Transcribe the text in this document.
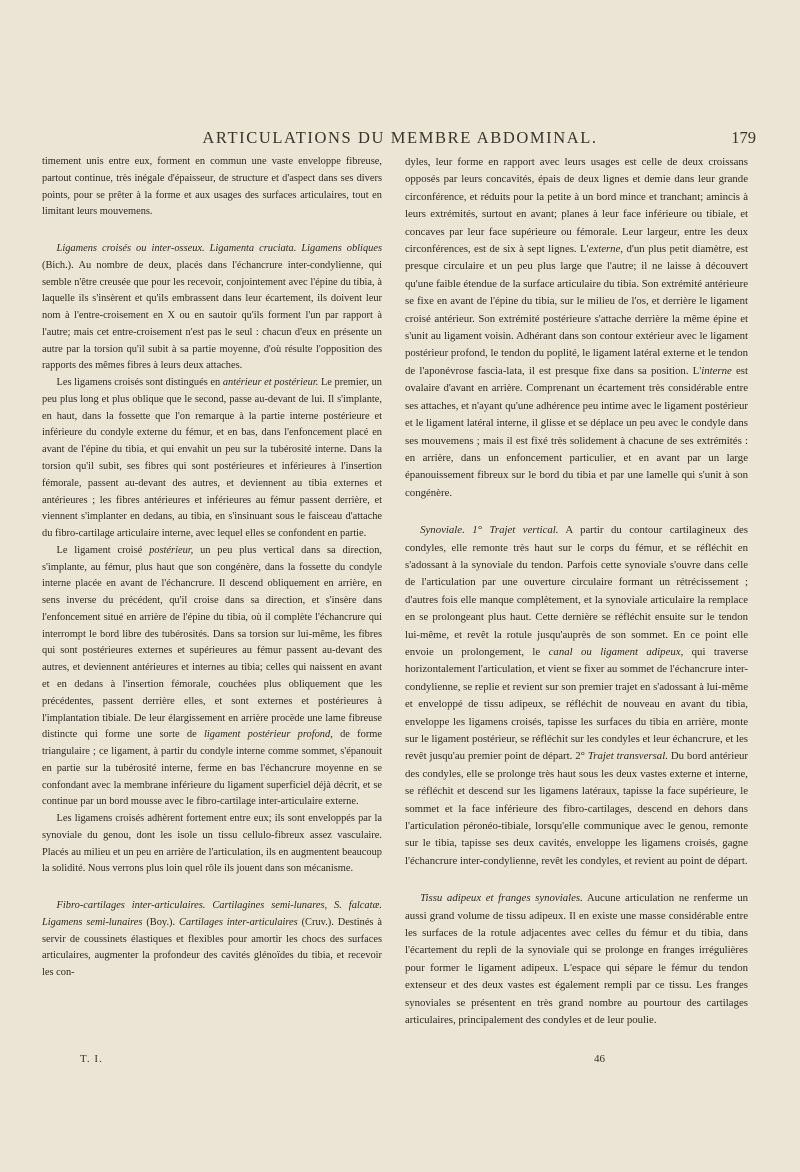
ARTICULATIONS DU MEMBRE ABDOMINAL.	179

timement unis entre eux, forment en commun une vaste enveloppe fibreuse, partout continue, très inégale d'épaisseur, de structure et d'aspect dans ses divers points, pour se prêter à la forme et aux usages des surfaces articulaires, tout en limitant leurs mouvemens.

Ligamens croisés ou inter-osseux. Ligamenta cruciata. Ligamens obliques (Bich.). Au nombre de deux, placés dans l'échancrure inter-condylienne, qui semble n'être creusée que pour les recevoir, conjointement avec l'épine du tibia, à laquelle ils s'insèrent et qu'ils embrassent dans leur écartement, ils doivent leur nom à l'entre-croisement en X ou en sautoir qu'ils forment l'un par rapport à l'autre; mais cet entre-croisement n'est pas le seul : chacun d'eux en présente un autre par la torsion qu'il subit à sa partie moyenne, d'où résulte l'opposition des rapports des mêmes fibres à leurs deux attaches.

Les ligamens croisés sont distingués en antérieur et postérieur. Le premier, un peu plus long et plus oblique que le second, passe au-devant de lui. Il s'implante, en haut, dans la fossette que l'on remarque à la partie interne postérieure et inférieure du condyle externe du fémur, et en bas, dans l'enfoncement placé en avant de l'épine du tibia, et qui envahit un peu sur la tubérosité interne. Dans la torsion qu'il subit, ses fibres qui sont postérieures et inférieures à l'insertion fémorale, passent au-devant des autres, et deviennent au tibia externes et antérieures ; les fibres antérieures et inférieures au fémur passent derrière, et viennent s'implanter en dedans, au tibia, en s'insinuant sous le faisceau d'attache du fibro-cartilage articulaire interne, avec lequel elles se confondent en partie.

Le ligament croisé postérieur, un peu plus vertical dans sa direction, s'implante, au fémur, plus haut que son congénère, dans la fossette du condyle interne placée en avant de l'échancrure. Il descend obliquement en arrière, en sens inverse du précédent, qu'il croise dans sa direction, et s'insère dans l'enfoncement situé en arrière de l'épine du tibia, où il complète l'échancrure qui interrompt le bord libre des tubérosités. Dans sa torsion sur lui-même, les fibres qui sont postérieures externes et supérieures au fémur passent au-devant des autres, et deviennent antérieures et internes au tibia; celles qui naissent en avant et en dedans à l'insertion fémorale, couchées plus obliquement que les précédentes, passent derrière elles, et sont externes et postérieures à l'implantation tibiale. De leur élargissement en arrière procède une lame fibreuse distincte qui forme une sorte de ligament postérieur profond, de forme triangulaire ; ce ligament, à partir du condyle interne comme sommet, s'épanouit en partie sur la tubérosité interne, ferme en bas l'échancrure moyenne en se confondant avec la membrane inférieure du ligament superficiel déjà décrit, et se continue par un bord mousse avec le fibro-cartilage inter-articulaire externe.

Les ligamens croisés adhèrent fortement entre eux; ils sont enveloppés par la synoviale du genou, dont les isole un tissu cellulo-fibreux assez vasculaire. Placés au milieu et un peu en arrière de l'articulation, ils en augmentent beaucoup la solidité. Nous verrons plus loin quel rôle ils jouent dans son mécanisme.

Fibro-cartilages inter-articulaires. Cartilagines semi-lunares, S. falcatæ. Ligamens semi-lunaires (Boy.). Cartilages inter-articulaires (Cruv.). Destinés à servir de coussinets élastiques et flexibles pour amortir les chocs des surfaces articulaires, augmenter la profondeur des cavités glénoïdes du tibia, et recevoir les con-

dyles, leur forme en rapport avec leurs usages est celle de deux croissans opposés par leurs concavités, épais de deux lignes et demie dans leur grande circonférence, et réduits pour la petite à un bord mince et tranchant; amincis à leurs extrémités, surtout en avant; planes à leur face inférieure ou tibiale, et concaves par leur face supérieure ou fémorale. Leur largeur, entre les deux circonférences, est de six à sept lignes. L'externe, d'un plus petit diamètre, est presque circulaire et un peu plus large que l'autre; il ne laisse à découvert qu'une faible étendue de la surface articulaire du tibia. Son extrémité antérieure se fixe en avant de l'épine du tibia, sur le milieu de l'os, et derrière le ligament croisé antérieur. Son extrémité postérieure s'attache derrière la même épine et s'unit au ligament voisin. Adhérant dans son contour extérieur avec le ligament postérieur profond, le tendon du poplité, le ligament latéral externe et le tendon de l'aponévrose fascia-lata, il est presque fixe dans sa position. L'interne est ovalaire d'avant en arrière. Comprenant un écartement très considérable entre ses attaches, et n'ayant qu'une adhérence peu intime avec le ligament postérieur et le ligament latéral interne, il glisse et se déplace un peu avec le condyle dans ses mouvemens ; mais il est fixé très solidement à chacune de ses extrémités : en arrière, dans un enfoncement particulier, et en avant par un large épanouissement fibreux sur le bord du tibia et par une lamelle qui s'unit à son congénère.

Synoviale. 1° Trajet vertical. A partir du contour cartilagineux des condyles, elle remonte très haut sur le corps du fémur, et se réfléchit en s'adossant à la synoviale du tendon. Parfois cette synoviale s'ouvre dans celle de l'articulation par une ouverture circulaire formant un rétrécissement ; d'autres fois elle manque complètement, et la synoviale articulaire la remplace en se prolongeant plus haut. Cette dernière se réfléchit ensuite sur le tendon lui-même, et revêt la rotule jusqu'auprès de son sommet. En ce point elle envoie un prolongement, le canal ou ligament adipeux, qui traverse horizontalement l'articulation, et vient se fixer au sommet de l'échancrure inter-condylienne, se replie et revient sur son premier trajet en s'adossant à lui-même et enveloppé de tissu adipeux, se réfléchit de nouveau en avant du tibia, enveloppe les ligamens croisés, tapisse les surfaces du tibia en arrière, monte sur le ligament postérieur, se réfléchit sur les condyles et leur échancrure, et les revêt jusqu'au premier point de départ. 2° Trajet transversal. Du bord antérieur des condyles, elle se prolonge très haut sous les deux vastes externe et interne, se réfléchit et descend sur les ligamens latéraux, tapisse la face supérieure, le sommet et la face inférieure des fibro-cartilages, descend en dehors dans l'articulation péronéo-tibiale, lorsqu'elle communique avec le genou, remonte sur le tibia, tapisse ses deux cavités, enveloppe les ligamens croisés, gagne l'échancrure inter-condylienne, revêt les condyles, et revient au point de départ.

Tissu adipeux et franges synoviales. Aucune articulation ne renferme un aussi grand volume de tissu adipeux. Il en existe une masse considérable entre les surfaces de la rotule adjacentes avec celles du fémur et du tibia, dans l'écartement du repli de la synoviale qui se prolonge en franges irrégulières pour former le ligament adipeux. L'espace qui sépare le fémur du tendon extenseur et des deux vastes est également rempli par ce tissu. Les franges synoviales se présentent en très grand nombre au pourtour des cartilages articulaires, principalement des condyles et de leur poulie.

T. I.	46
